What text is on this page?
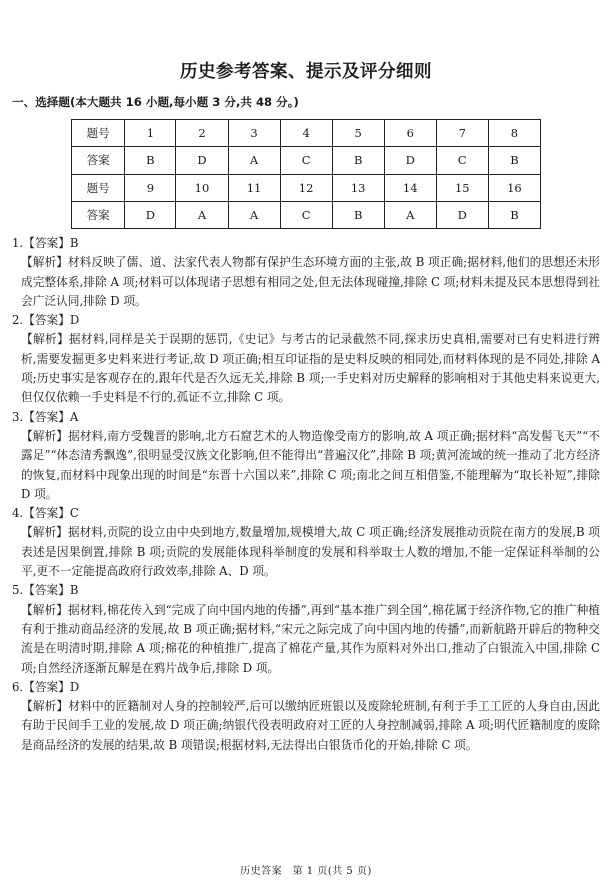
历史参考答案、提示及评分细则
一、选择题(本大题共 16 小题,每小题 3 分,共 48 分。)
题号	1	2	3	4	5	6	7	8
答案	B	D	A	C	B	D	C	B
题号	9	10	11	12	13	14	15	16
答案	D	A	A	C	B	A	D	B
1.【答案】B
【解析】材料反映了儒、道、法家代表人物都有保护生态环境方面的主张,故 B 项正确;据材料,他们的思想还未形成完整体系,排除 A 项;材料可以体现诸子思想有相同之处,但无法体现碰撞,排除 C 项;材料未提及民本思想得到社会广泛认同,排除 D 项。
2.【答案】D
【解析】据材料,同样是关于误期的惩罚,《史记》与考古的记录截然不同,探求历史真相,需要对已有史料进行辨析,需要发掘更多史料来进行考证,故 D 项正确;相互印证指的是史料反映的相同处,而材料体现的是不同处,排除 A 项;历史事实是客观存在的,跟年代是否久远无关,排除 B 项;一手史料对历史解释的影响相对于其他史料来说更大,但仅仅依赖一手史料是不行的,孤证不立,排除 C 项。
3.【答案】A
【解析】据材料,南方受魏晋的影响,北方石窟艺术的人物造像受南方的影响,故 A 项正确;据材料“高发髻飞天”“不露足”“体态清秀飘逸”,很明显受汉族文化影响,但不能得出“普遍汉化”,排除 B 项;黄河流域的统一推动了北方经济的恢复,而材料中现象出现的时间是“东晋十六国以来”,排除 C 项;南北之间互相借鉴,不能理解为“取长补短”,排除 D 项。
4.【答案】C
【解析】据材料,贡院的设立由中央到地方,数量增加,规模增大,故 C 项正确;经济发展推动贡院在南方的发展,B 项表述是因果倒置,排除 B 项;贡院的发展能体现科举制度的发展和科举取士人数的增加,不能一定保证科举制的公平,更不一定能提高政府行政效率,排除 A、D 项。
5.【答案】B
【解析】据材料,棉花传入到“完成了向中国内地的传播”,再到“基本推广到全国”,棉花属于经济作物,它的推广种植有利于推动商品经济的发展,故 B 项正确;据材料,“宋元之际完成了向中国内地的传播”,而新航路开辟后的物种交流是在明清时期,排除 A 项;棉花的种植推广,提高了棉花产量,其作为原料对外出口,推动了白银流入中国,排除 C 项;自然经济逐渐瓦解是在鸦片战争后,排除 D 项。
6.【答案】D
【解析】材料中的匠籍制对人身的控制较严,后可以缴纳匠班银以及废除轮班制,有利于手工工匠的人身自由,因此有助于民间手工业的发展,故 D 项正确;纳银代役表明政府对工匠的人身控制减弱,排除 A 项;明代匠籍制度的废除是商品经济的发展的结果,故 B 项错误;根据材料,无法得出白银货币化的开始,排除 C 项。
历史答案　第 1 页(共 5 页)
